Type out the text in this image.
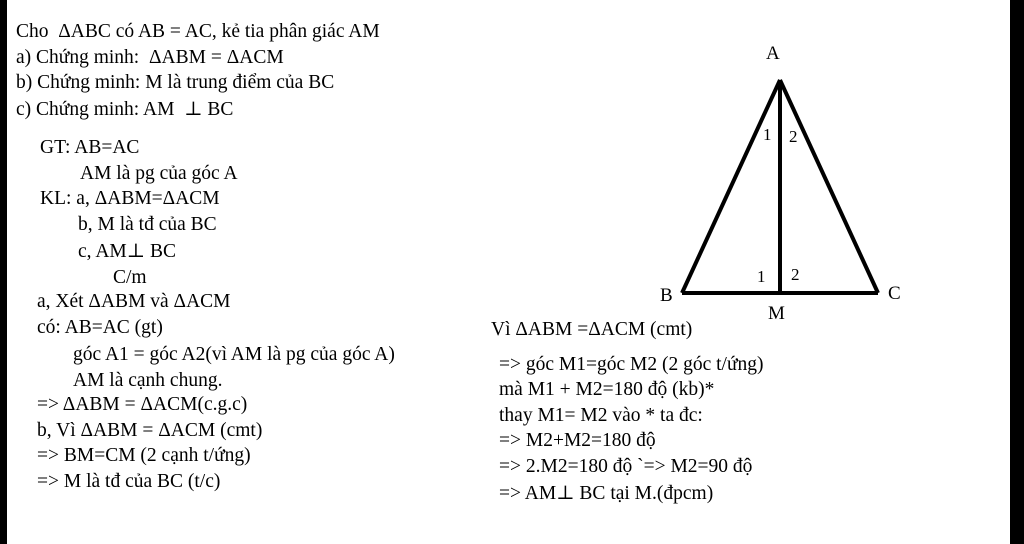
Cho  ΔABC có AB = AC, kẻ tia phân giác AM
a) Chứng minh:  ΔABM = ΔACM
b) Chứng minh: M là trung điểm của BC
c) Chứng minh: AM  ⊥ BC
GT: AB=AC
AM là pg của góc A
KL: a, ΔABM=ΔACM
b, M là tđ của BC
c, AM⊥ BC
C/m
a, Xét ΔABM và ΔACM
có: AB=AC (gt)
góc A1 = góc A2(vì AM là pg của góc A)
AM là cạnh chung.
=> ΔABM = ΔACM(c.g.c)
b, Vì ΔABM = ΔACM (cmt)
=> BM=CM (2 cạnh t/ứng)
=> M là tđ của BC (t/c)
Vì ΔABM =ΔACM (cmt)
=> góc M1=góc M2 (2 góc t/ứng)
mà M1 + M2=180 độ (kb)*
thay M1= M2 vào * ta đc:
=> M2+M2=180 độ
=> 2.M2=180 độ `=> M2=90 độ
=> AM⊥ BC tại M.(đpcm)
A
B	C
M
1 2
1 2
